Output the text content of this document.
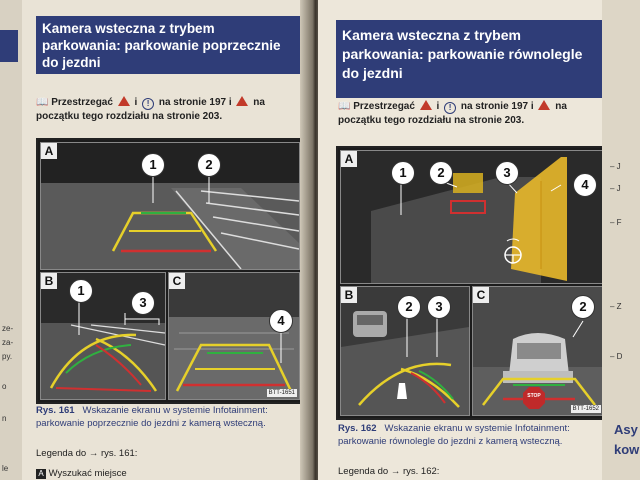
ze-
za-
py.
o
n
le
Kamera wsteczna z trybem parkowania: parkowanie poprzecznie do jezdni
📖 Przestrzegać i ! na stronie 197 i na początku tego rozdziału na stronie 203.
A
1	2
B
1
3
C
4
BTT-1651
Rys. 161 Wskazanie ekranu w systemie Infotainment: parkowanie poprzecznie do jezdni z kamerą wsteczną.
Legenda do → rys. 161:
A Wyszukać miejsce
Kamera wsteczna z trybem parkowania: parkowanie równolegle do jezdni
📖 Przestrzegać i ! na stronie 197 i na początku tego rozdziału na stronie 203.
A
1	2	3
4
B
2	3
C
STOP
2
BTT-1652
Rys. 162 Wskazanie ekranu w systemie Infotainment: parkowanie równolegle do jezdni z kamerą wsteczną.
Legenda do → rys. 162:
– J
– J
– F
– Z
– D
Asy kow
